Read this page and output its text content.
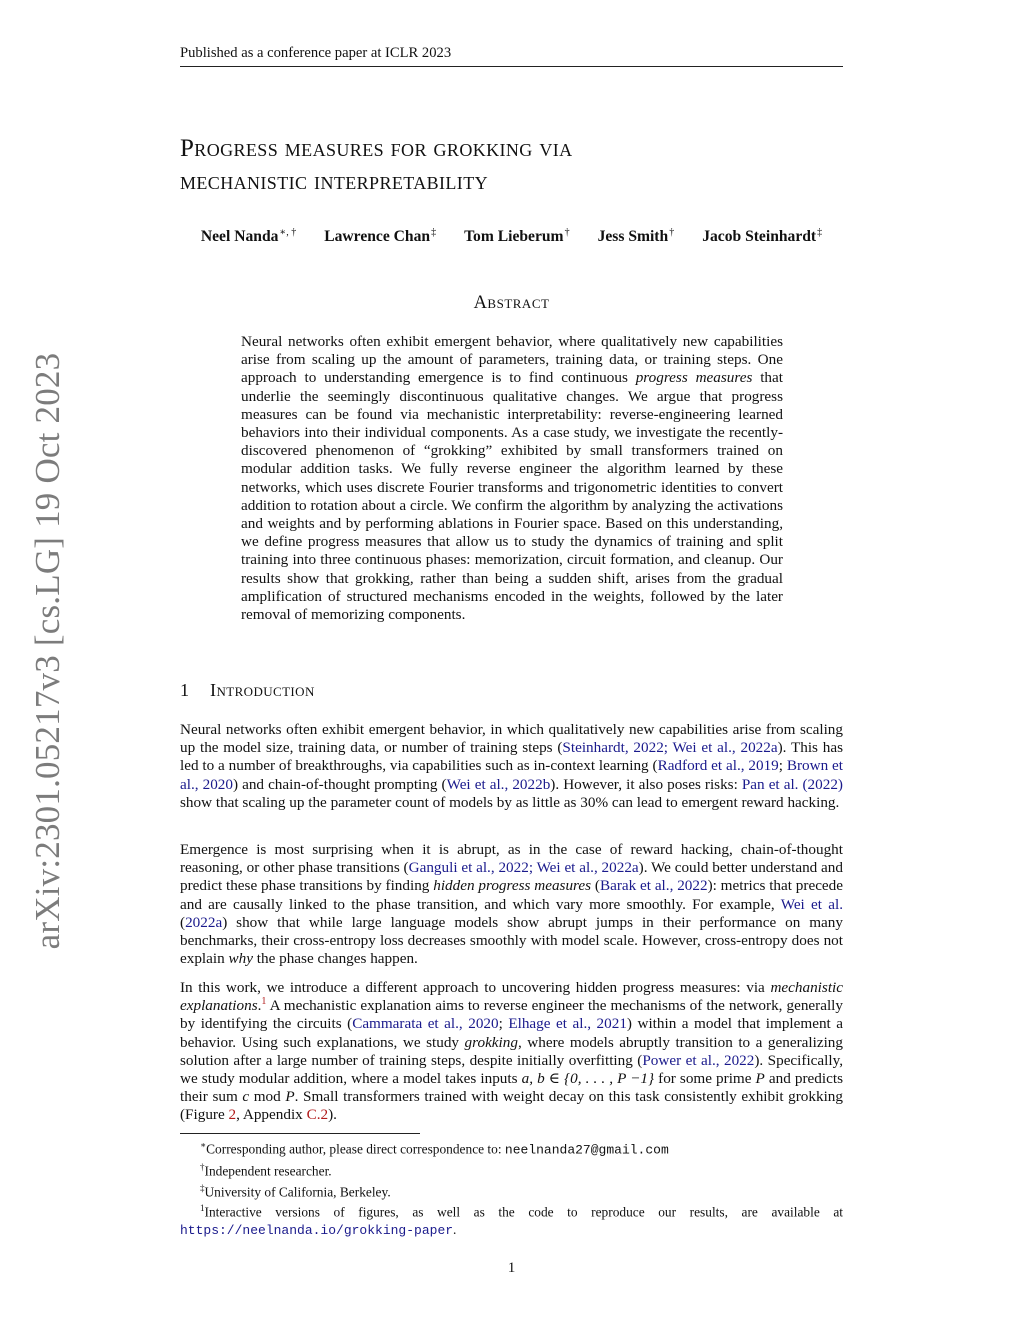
Published as a conference paper at ICLR 2023
Progress measures for grokking via
mechanistic interpretability
Neel Nanda∗, † Lawrence Chan‡ Tom Lieberum† Jess Smith† Jacob Steinhardt‡
Abstract
Neural networks often exhibit emergent behavior, where qualitatively new capabilities arise from scaling up the amount of parameters, training data, or training steps. One approach to understanding emergence is to find continuous progress measures that underlie the seemingly discontinuous qualitative changes. We argue that progress measures can be found via mechanistic interpretability: reverse-engineering learned behaviors into their individual components. As a case study, we investigate the recently-discovered phenomenon of “grokking” exhibited by small transformers trained on modular addition tasks. We fully reverse engineer the algorithm learned by these networks, which uses discrete Fourier transforms and trigonometric identities to convert addition to rotation about a circle. We confirm the algorithm by analyzing the activations and weights and by performing ablations in Fourier space. Based on this understanding, we define progress measures that allow us to study the dynamics of training and split training into three continuous phases: memorization, circuit formation, and cleanup. Our results show that grokking, rather than being a sudden shift, arises from the gradual amplification of structured mechanisms encoded in the weights, followed by the later removal of memorizing components.
arXiv:2301.05217v3 [cs.LG] 19 Oct 2023	1 Introduction

Neural networks often exhibit emergent behavior, in which qualitatively new capabilities arise from scaling up the model size, training data, or number of training steps (Steinhardt, 2022; Wei et al., 2022a). This has led to a number of breakthroughs, via capabilities such as in-context learning (Radford et al., 2019; Brown et al., 2020) and chain-of-thought prompting (Wei et al., 2022b). However, it also poses risks: Pan et al. (2022) show that scaling up the parameter count of models by as little as 30% can lead to emergent reward hacking.

Emergence is most surprising when it is abrupt, as in the case of reward hacking, chain-of-thought reasoning, or other phase transitions (Ganguli et al., 2022; Wei et al., 2022a). We could better understand and predict these phase transitions by finding hidden progress measures (Barak et al., 2022): metrics that precede and are causally linked to the phase transition, and which vary more smoothly. For example, Wei et al. (2022a) show that while large language models show abrupt jumps in their performance on many benchmarks, their cross-entropy loss decreases smoothly with model scale. However, cross-entropy does not explain why the phase changes happen.

In this work, we introduce a different approach to uncovering hidden progress measures: via mechanistic explanations.$^1$ A mechanistic explanation aims to reverse engineer the mechanisms of the network, generally by identifying the circuits (Cammarata et al., 2020; Elhage et al., 2021) within a model that implement a behavior. Using such explanations, we study grokking, where models abruptly transition to a generalizing solution after a large number of training steps, despite initially overfitting (Power et al., 2022). Specifically, we study modular addition, where a model takes inputs a, b ∈ {0, . . . , P −1} for some prime P and predicts their sum c mod P. Small transformers trained with weight decay on this task consistently exhibit grokking (Figure 2, Appendix C.2).

∗Corresponding author, please direct correspondence to: neelnanda27@gmail.com

†Independent researcher.

‡University of California, Berkeley.

$^1$Interactive versions of figures, as well as the code to reproduce our results, are available at https://neelnanda.io/grokking-paper.

1
